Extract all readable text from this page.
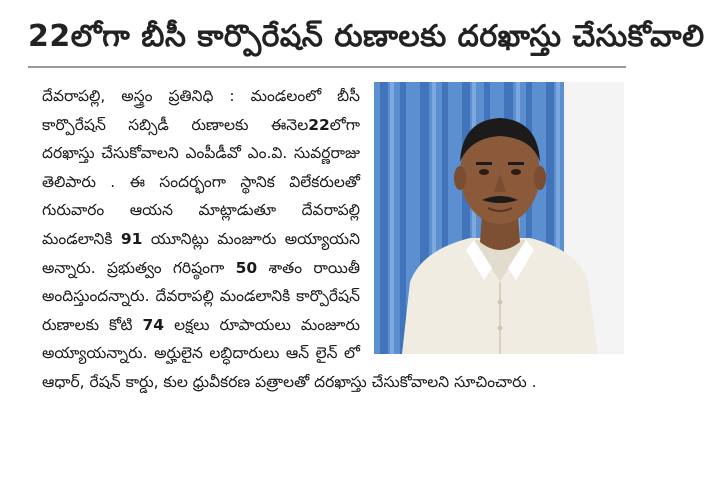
22లోగా బీసీ కార్పొరేషన్ రుణాలకు దరఖాస్తు చేసుకోవాలి
దేవరాపల్లి, అస్త్రం ప్రతినిధి : మండలంలో బీసీ కార్పొరేషన్ సబ్సిడీ రుణాలకు ఈనెల22లోగా దరఖాస్తు చేసుకోవాలని ఎంపీడీవో ఎం.వి. సువర్ణరాజు తెలిపారు . ఈ సందర్భంగా స్థానిక విలేకరులతో గురువారం ఆయన మాట్లాడుతూ దేవరాపల్లి మండలానికి 91 యూనిట్లు మంజూరు అయ్యాయని అన్నారు. ప్రభుత్వం గరిష్ఠంగా 50 శాతం రాయితీ అందిస్తుందన్నారు. దేవరాపల్లి మండలానికి కార్పొరేషన్ రుణాలకు కోటి 74 లక్షలు రూపాయలు మంజూరు అయ్యాయన్నారు. అర్హులైన లబ్ధిదారులు ఆన్ లైన్ లో ఆధార్, రేషన్ కార్డు, కుల ధ్రువీకరణ పత్రాలతో దరఖాస్తు చేసుకోవాలని సూచించారు .
